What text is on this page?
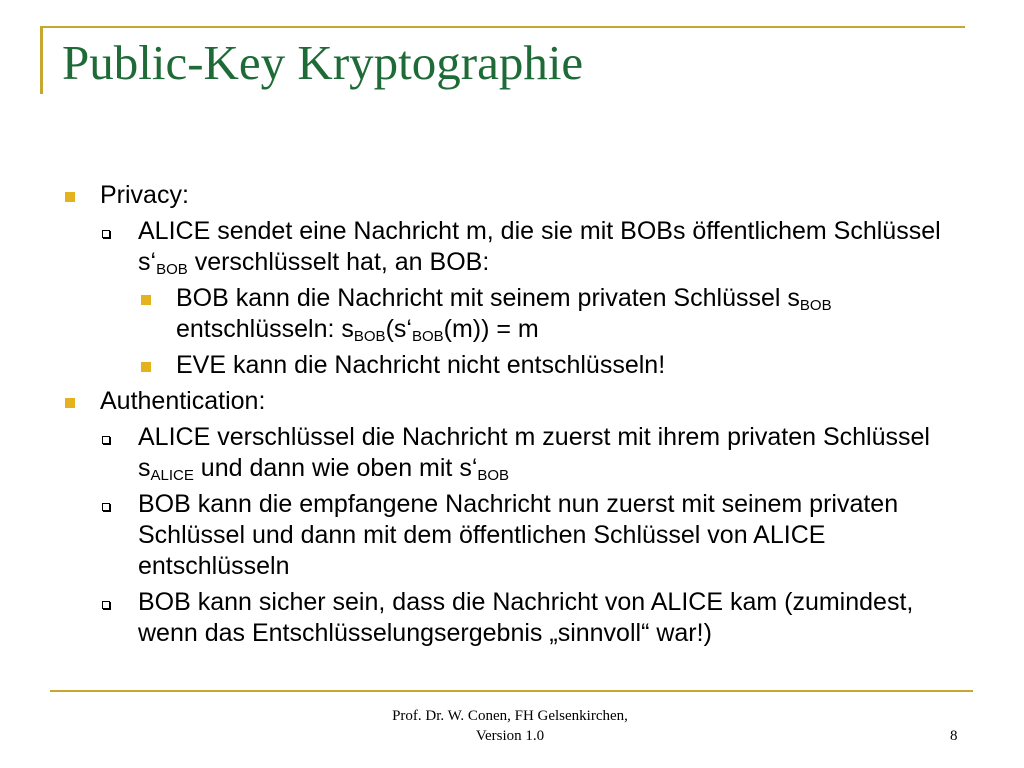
Public-Key Kryptographie
Privacy:
ALICE sendet eine Nachricht m, die sie mit BOBs öffentlichem Schlüssel $s‘_{BOB}$ verschlüsselt hat, an BOB:
BOB kann die Nachricht mit seinem privaten Schlüssel $s_{BOB}$ entschlüsseln: $s_{BOB}(s‘_{BOB}(m)) = m$
EVE kann die Nachricht nicht entschlüsseln!
Authentication:
ALICE verschlüssel die Nachricht m zuerst mit ihrem privaten Schlüssel $s_{ALICE}$ und dann wie oben mit $s‘_{BOB}$
BOB kann die empfangene Nachricht nun zuerst mit seinem privaten Schlüssel und dann mit dem öffentlichen Schlüssel von ALICE entschlüsseln
BOB kann sicher sein, dass die Nachricht von ALICE kam (zumindest, wenn das Entschlüsselungsergebnis „sinnvoll“ war!)
Prof. Dr. W. Conen, FH Gelsenkirchen,
Version 1.0	8
